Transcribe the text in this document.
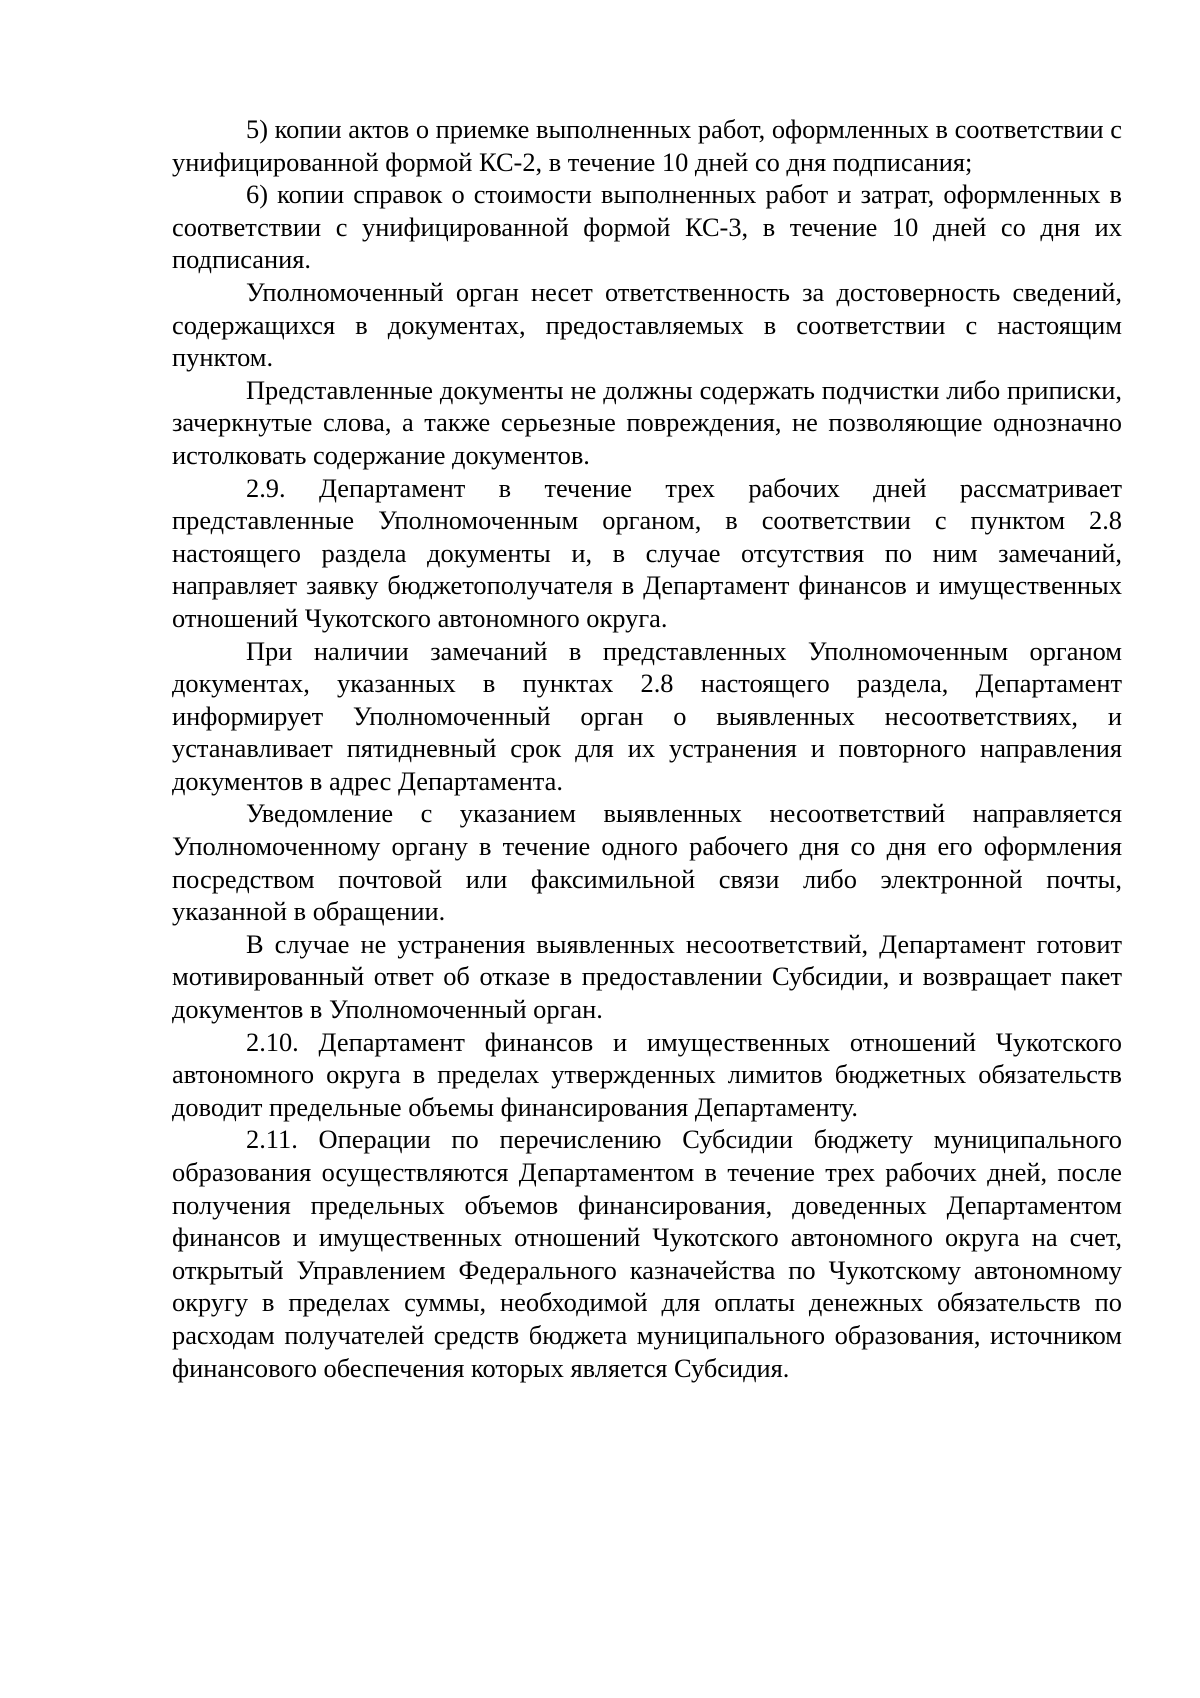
5) копии актов о приемке выполненных работ, оформленных в соответствии с унифицированной формой КС-2, в течение 10 дней со дня подписания;

6) копии справок о стоимости выполненных работ и затрат, оформленных в соответствии с унифицированной формой КС-3, в течение 10 дней со дня их подписания.

Уполномоченный орган несет ответственность за достоверность сведений, содержащихся в документах, предоставляемых в соответствии с настоящим пунктом.

Представленные документы не должны содержать подчистки либо приписки, зачеркнутые слова, а также серьезные повреждения, не позволяющие однозначно истолковать содержание документов.

2.9. Департамент в течение трех рабочих дней рассматривает представленные Уполномоченным органом, в соответствии с пунктом 2.8 настоящего раздела документы и, в случае отсутствия по ним замечаний, направляет заявку бюджетополучателя в Департамент финансов и имущественных отношений Чукотского автономного округа.

При наличии замечаний в представленных Уполномоченным органом документах, указанных в пунктах 2.8 настоящего раздела, Департамент информирует Уполномоченный орган о выявленных несоответствиях, и устанавливает пятидневный срок для их устранения и повторного направления документов в адрес Департамента.

Уведомление с указанием выявленных несоответствий направляется Уполномоченному органу в течение одного рабочего дня со дня его оформления посредством почтовой или факсимильной связи либо электронной почты, указанной в обращении.

В случае не устранения выявленных несоответствий, Департамент готовит мотивированный ответ об отказе в предоставлении Субсидии, и возвращает пакет документов в Уполномоченный орган.

2.10. Департамент финансов и имущественных отношений Чукотского автономного округа в пределах утвержденных лимитов бюджетных обязательств доводит предельные объемы финансирования Департаменту.

2.11. Операции по перечислению Субсидии бюджету муниципального образования осуществляются Департаментом в течение трех рабочих дней, после получения предельных объемов финансирования, доведенных Департаментом финансов и имущественных отношений Чукотского автономного округа на счет, открытый Управлением Федерального казначейства по Чукотскому автономному округу в пределах суммы, необходимой для оплаты денежных обязательств по расходам получателей средств бюджета муниципального образования, источником финансового обеспечения которых является Субсидия.
